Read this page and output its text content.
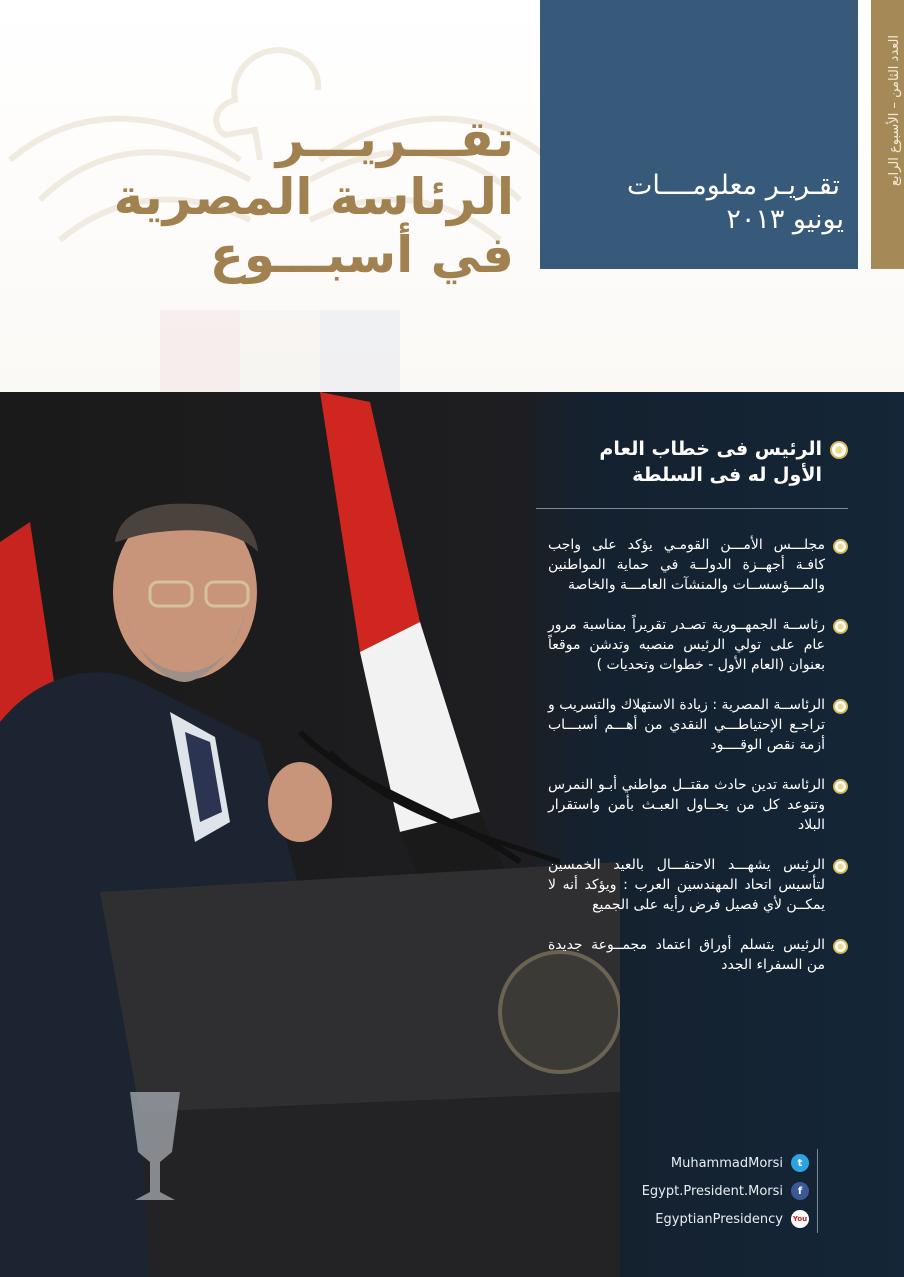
تقـــريـــر
الرئاسة المصرية
في أسبـــوع
تقـريـر معلومــــات
يونيو ٢٠١٣
العدد الثامن – الأسبوع الرابع
الرئيس فى خطاب العام الأول له فى السلطة
مجلـــس الأمـــن القومـي يؤكد على واجب كافـة أجهــزة الدولــة في حماية المواطنين والمـــؤسســات والمنشآت العامـــة والخاصة
رئاســة الجمهــورية تصـدر تقريراً بمناسبة مرور عام على تولي الرئيس منصبه وتدشن موقعاً بعنوان (العام الأول - خطوات وتحديات )
الرئاســة المصرية : زيادة الاستهلاك والتسريب و تراجـع الإحتياطـــي النقدي من أهـــم أسبـــاب أزمة نقص الوقــــود
الرئاسة تدين حادث مقتــل مواطني أبـو النمرس وتتوعد كل من يحــاول العبـث بأمن واستقرار البلاد
الرئيس يشهـــد الاحتفـــال بالعيد الخمسين لتأسيس اتحاد المهندسين العرب : ويؤكد أنه لا يمكــن لأي فصيل فرض رأيه على الجميع
الرئيس يتسلم أوراق اعتماد مجمــوعة جديدة من السفراء الجدد
MuhammadMorsi	t
Egypt.President.Morsi	f
EgyptianPresidency You
